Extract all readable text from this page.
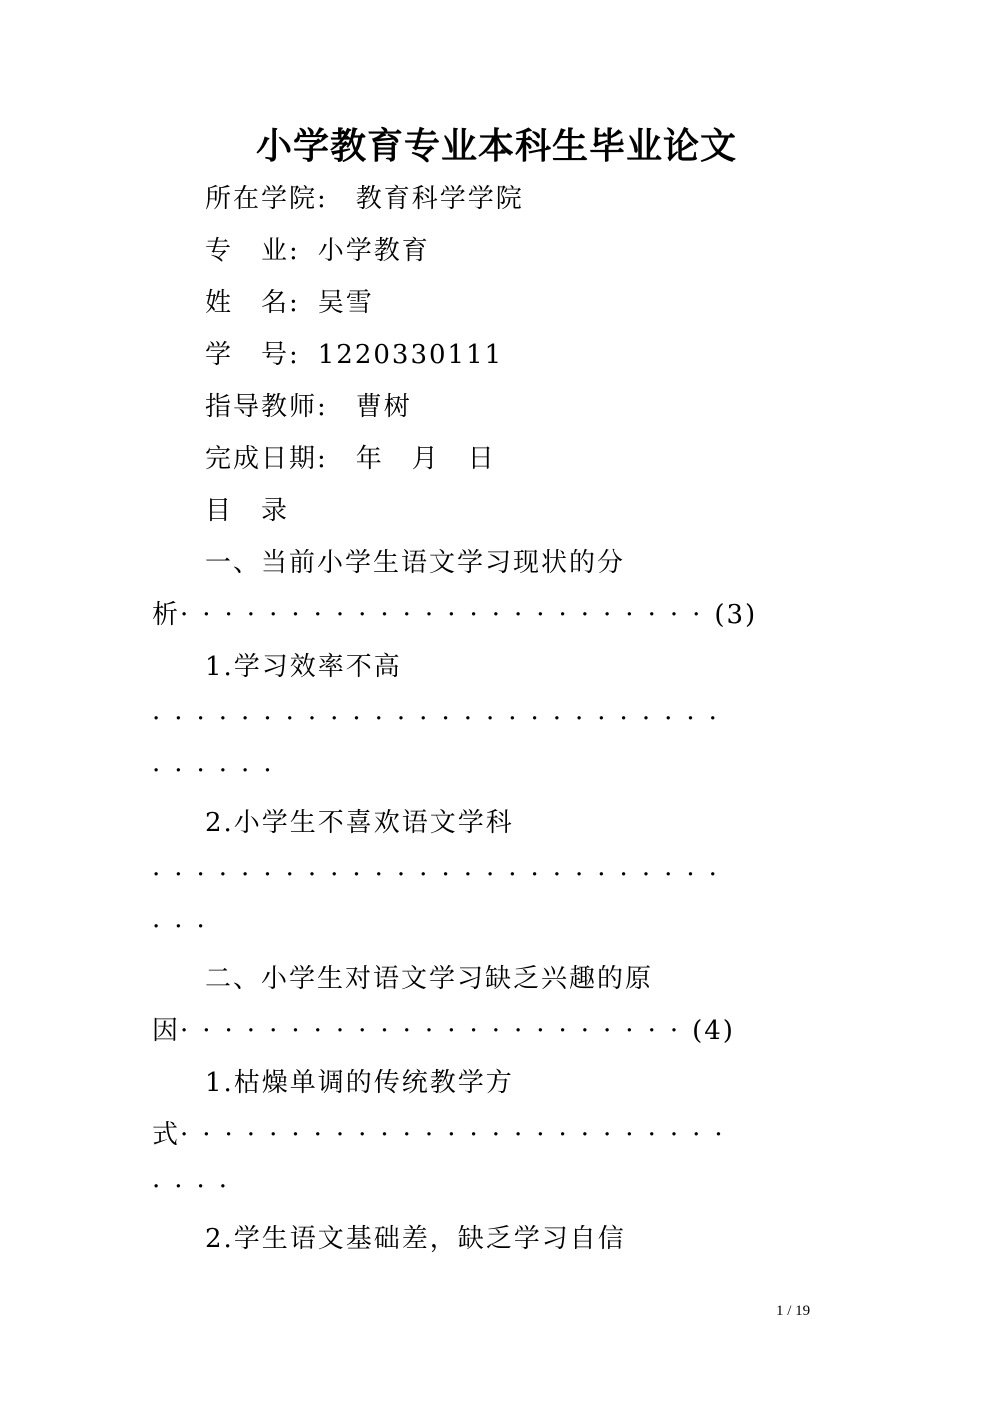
小学教育专业本科生毕业论文
所在学院: 教育科学学院
专　业: 小学教育
姓　名: 吴雪
学　号: 1220330111
指导教师: 曹树
完成日期: 年　月　日
目　录
一、当前小学生语文学习现状的分
析························(3)
1.学习效率不高
··························
······
2.小学生不喜欢语文学科
··························
···
二、小学生对语文学习缺乏兴趣的原
因·······················(4)
1.枯燥单调的传统教学方
式·························
····
2.学生语文基础差，缺乏学习自信
1 / 19
